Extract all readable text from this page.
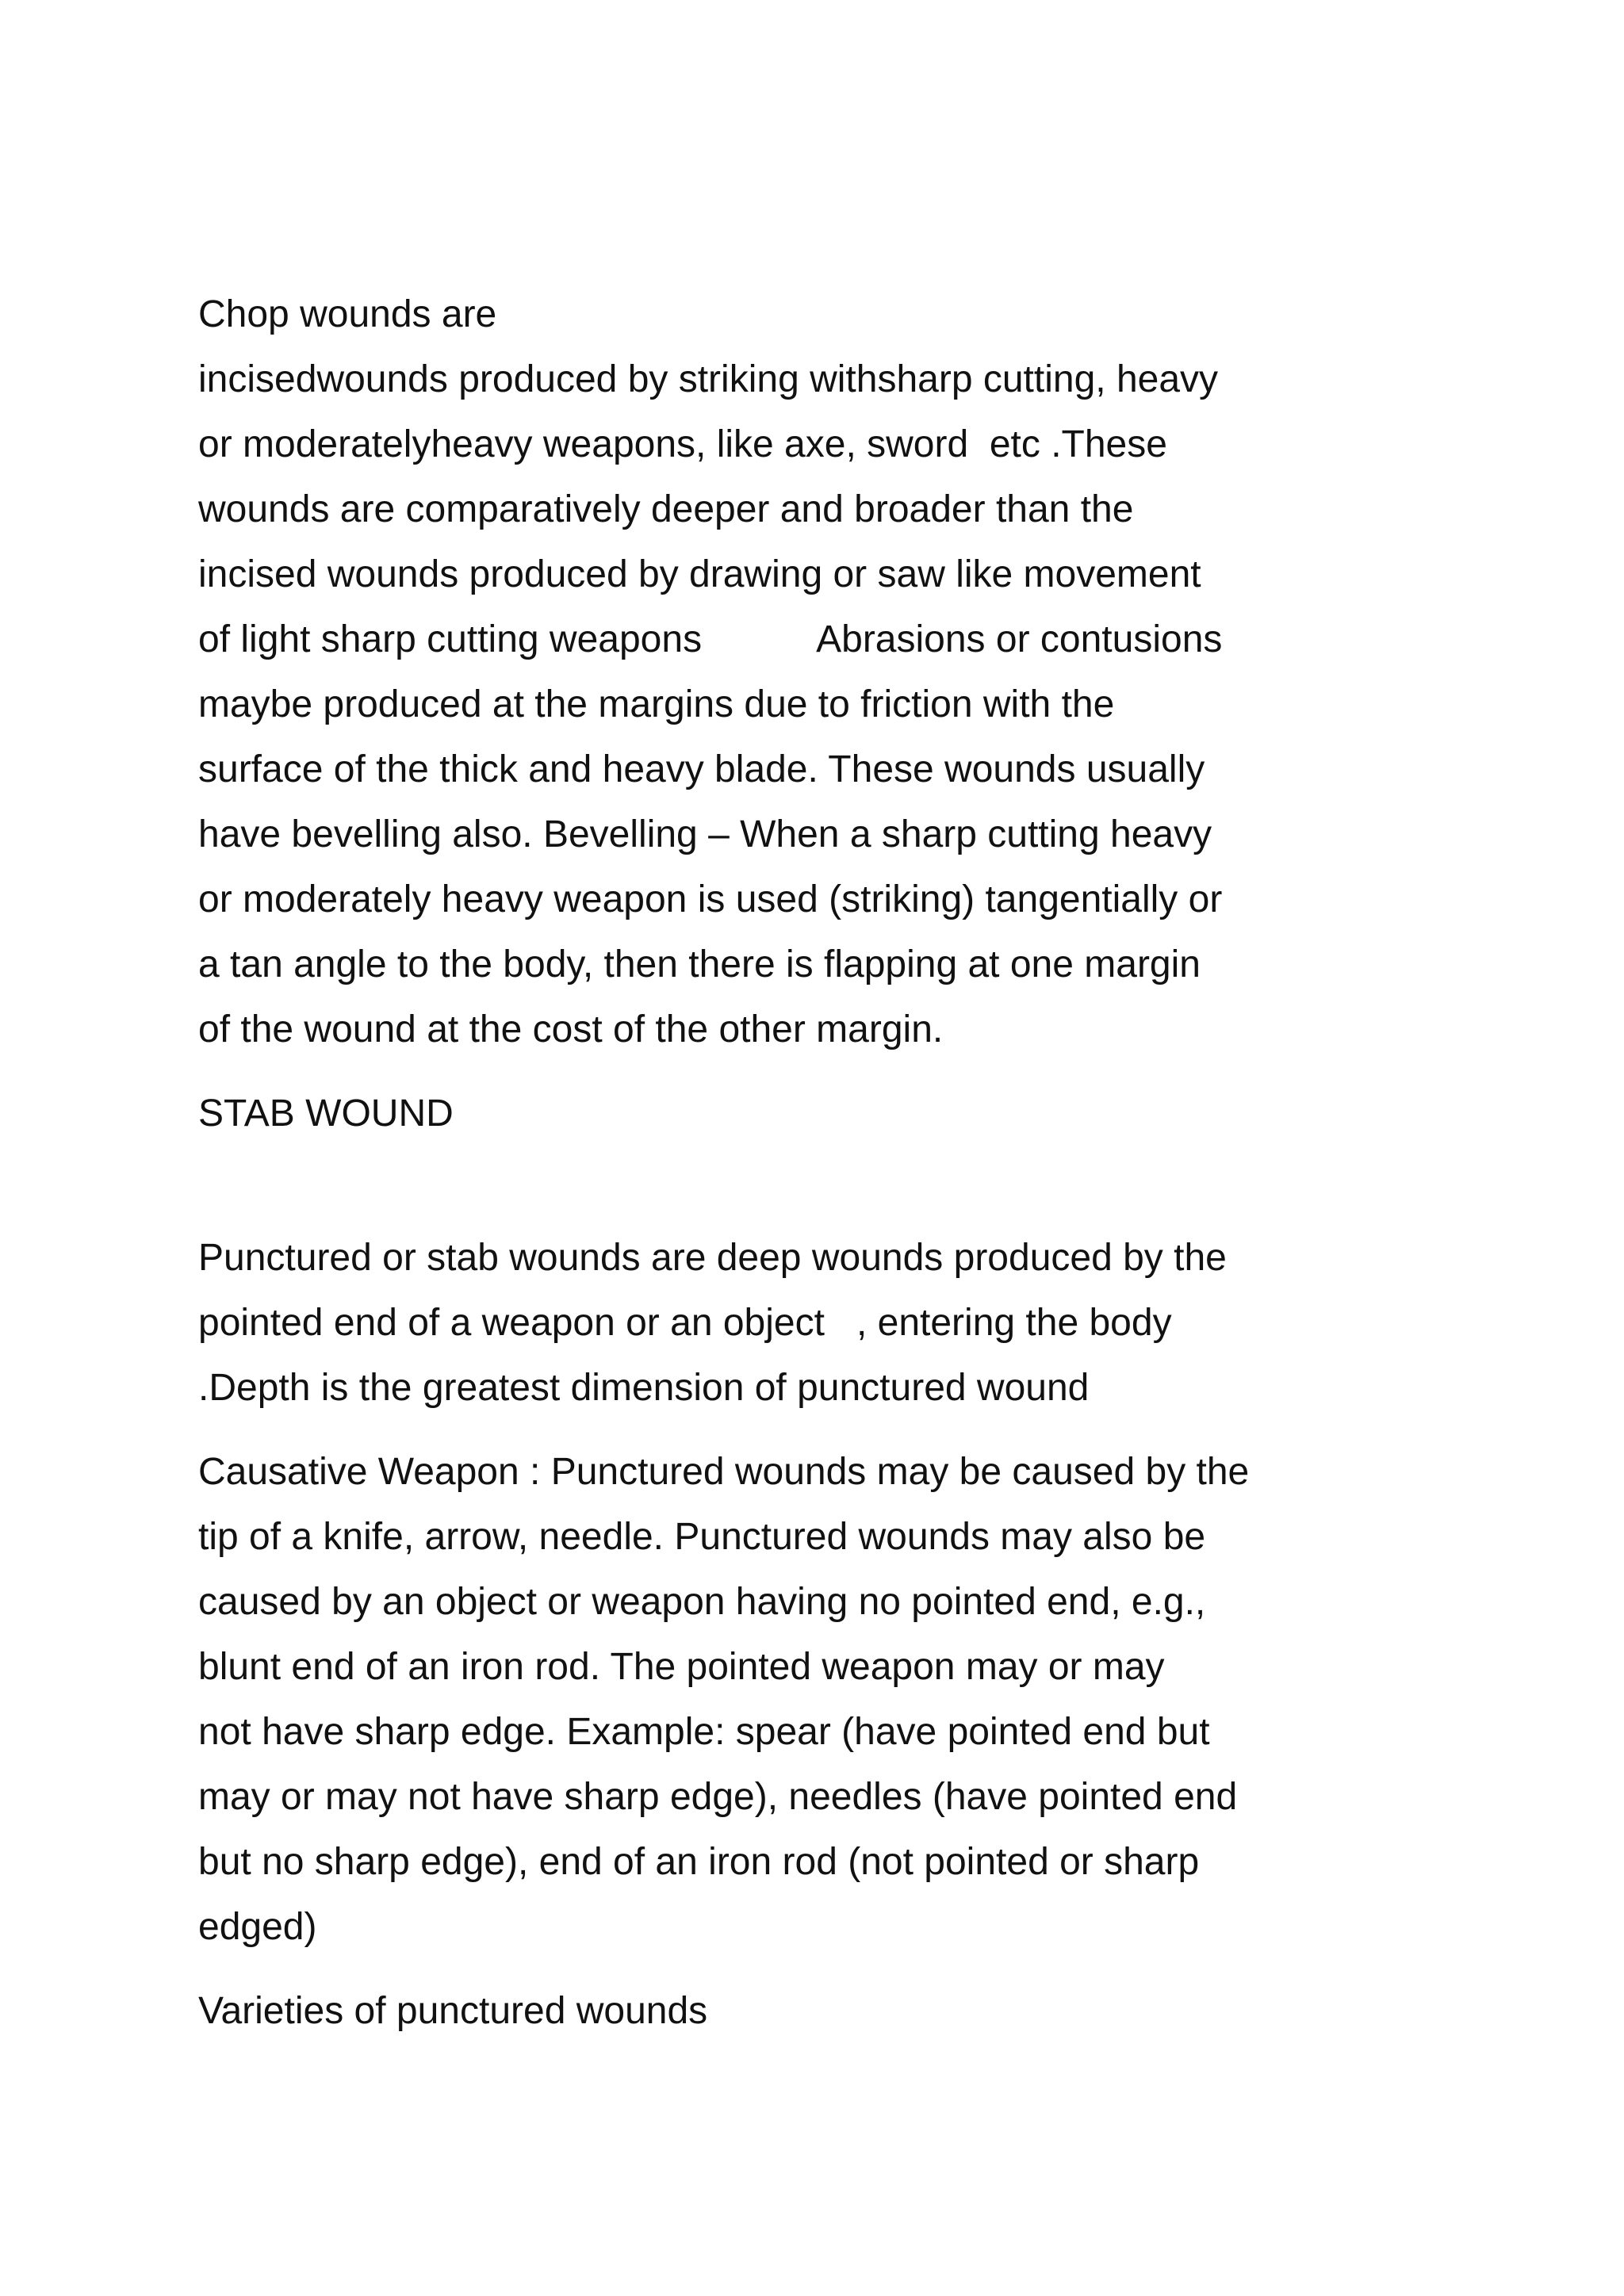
Chop wounds are
incisedwounds produced by striking withsharp cutting, heavy
or moderatelyheavy weapons, like axe, sword  etc .These
wounds are comparatively deeper and broader than the
incised wounds produced by drawing or saw like movement
of light sharp cutting weapons           Abrasions or contusions
maybe produced at the margins due to friction with the
surface of the thick and heavy blade. These wounds usually
have bevelling also. Bevelling – When a sharp cutting heavy
or moderately heavy weapon is used (striking) tangentially or
a tan angle to the body, then there is flapping at one margin
of the wound at the cost of the other margin.
STAB WOUND
Punctured or stab wounds are deep wounds produced by the
pointed end of a weapon or an object   , entering the body
.Depth is the greatest dimension of punctured wound
Causative Weapon : Punctured wounds may be caused by the
tip of a knife, arrow, needle. Punctured wounds may also be
caused by an object or weapon having no pointed end, e.g.,
blunt end of an iron rod. The pointed weapon may or may
not have sharp edge. Example: spear (have pointed end but
may or may not have sharp edge), needles (have pointed end
but no sharp edge), end of an iron rod (not pointed or sharp
edged)
Varieties of punctured wounds
